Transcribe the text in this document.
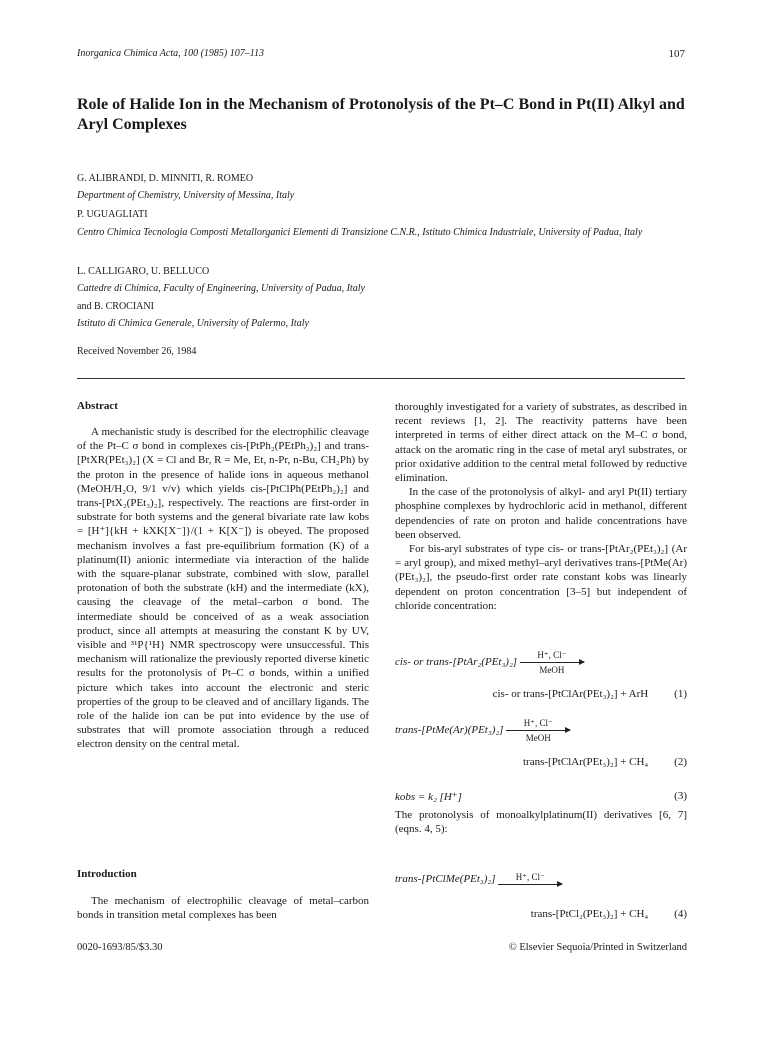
Inorganica Chimica Acta, 100 (1985) 107–113	107
Role of Halide Ion in the Mechanism of Protonolysis of the Pt–C Bond in Pt(II) Alkyl and Aryl Complexes
G. ALIBRANDI, D. MINNITI, R. ROMEO
Department of Chemistry, University of Messina, Italy
P. UGUAGLIATI
Centro Chimica Tecnologia Composti Metallorganici Elementi di Transizione C.N.R., Istituto Chimica Industriale, University of Padua, Italy
L. CALLIGARO, U. BELLUCO
Cattedre di Chimica, Faculty of Engineering, University of Padua, Italy
and B. CROCIANI
Istituto di Chimica Generale, University of Palermo, Italy
Received November 26, 1984
Abstract

A mechanistic study is described for the electrophilic cleavage of the Pt–C σ bond in complexes cis-[PtPh₂(PEtPh₂)₂] and trans-[PtXR(PEt₃)₂] (X = Cl and Br, R = Me, Et, n-Pr, n-Bu, CH₂Ph) by the proton in the presence of halide ions in aqueous methanol (MeOH/H₂O, 9/1 v/v) which yields cis-[PtClPh(PEtPh₂)₂] and trans-[PtX₂(PEt₃)₂], respectively. The reactions are first-order in substrate for both systems and the general bivariate rate law kobs = [H⁺]{kH + kXK[X⁻]}/(1 + K[X⁻]) is obeyed. The proposed mechanism involves a fast pre-equilibrium formation (K) of a platinum(II) anionic intermediate via interaction of the halide with the square-planar substrate, combined with slow, parallel protonation of both the substrate (kH) and the intermediate (kX), causing the cleavage of the metal–carbon σ bond. The intermediate should be conceived of as a weak association product, since all attempts at measuring the constant K by UV, visible and ³¹P{¹H} NMR spectroscopy were unsuccessful. This mechanism will rationalize the previously reported diverse kinetic results for the protonolysis of Pt–C σ bonds, within a unified picture which takes into account the electronic and steric properties of the group to be cleaved and of ancillary ligands. The role of the halide ion can be put into evidence by the use of substrates that will promote association through a reduced electron density on the central metal.

Introduction

The mechanism of electrophilic cleavage of metal–carbon bonds in transition metal complexes has been

thoroughly investigated for a variety of substrates, as described in recent reviews [1, 2]. The reactivity patterns have been interpreted in terms of either direct attack on the M–C σ bond, attack on the aromatic ring in the case of metal aryl substrates, or prior oxidative addition to the central metal followed by reductive elimination.

In the case of the protonolysis of alkyl- and aryl Pt(II) tertiary phosphine complexes by hydrochloric acid in methanol, different dependencies of rate on proton and halide concentrations have been observed.

For bis-aryl substrates of type cis- or trans-[PtAr₂(PEt₃)₂] (Ar = aryl group), and mixed methyl–aryl derivatives trans-[PtMe(Ar)(PEt₃)₂], the pseudo-first order rate constant kobs was linearly dependent on proton concentration [3–5] but independent of chloride concentration:

cis- or trans-[PtAr₂(PEt₃)₂] H⁺, Cl⁻
MeOH
cis- or trans-[PtClAr(PEt₃)₂] + ArH (1)
trans-[PtMe(Ar)(PEt₃)₂] H⁺, Cl⁻
MeOH
trans-[PtClAr(PEt₃)₂] + CH₄ (2)
kobs = k₂ [H⁺]	(3)

The protonolysis of monoalkylplatinum(II) derivatives [6, 7] (eqns. 4, 5):

trans-[PtClMe(PEt₃)₂] H⁺, Cl⁻
trans-[PtCl₂(PEt₃)₂] + CH₄ (4)
0020-1693/85/$3.30	© Elsevier Sequoia/Printed in Switzerland
